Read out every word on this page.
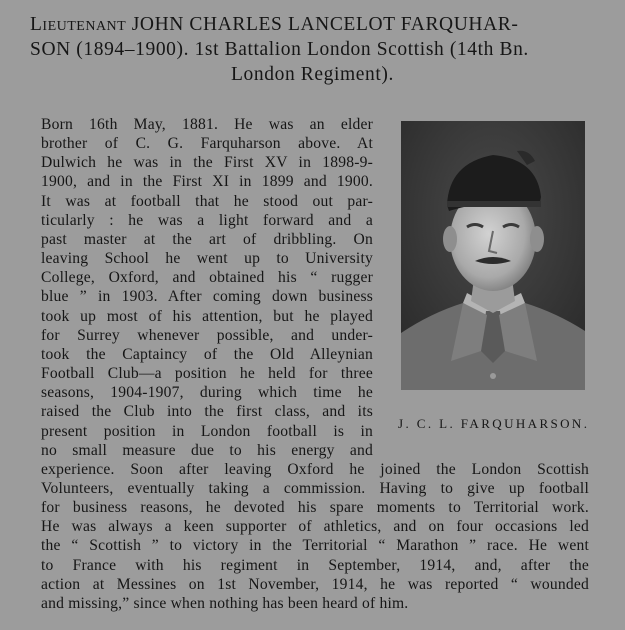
Lieutenant JOHN CHARLES LANCELOT FARQUHAR-
SON (1894–1900). 1st Battalion London Scottish (14th Bn.
London Regiment).
Born 16th May, 1881. He was an elder
brother of C. G. Farquharson above. At
Dulwich he was in the First XV in 1898-9-
1900, and in the First XI in 1899 and 1900.
It was at football that he stood out par-
ticularly : he was a light forward and a
past master at the art of dribbling. On
leaving School he went up to University
College, Oxford, and obtained his “ rugger
blue ” in 1903. After coming down business
took up most of his attention, but he played
for Surrey whenever possible, and under-
took the Captaincy of the Old Alleynian
Football Club—a position he held for three
seasons, 1904-1907, during which time he
raised the Club into the first class, and its
present position in London football is in
no small measure due to his energy and
experience. Soon after leaving Oxford he joined the London Scottish
Volunteers, eventually taking a commission. Having to give up football
for business reasons, he devoted his spare moments to Territorial work.
He was always a keen supporter of athletics, and on four occasions led
the “ Scottish ” to victory in the Territorial “ Marathon ” race. He went
to France with his regiment in September, 1914, and, after the
action at Messines on 1st November, 1914, he was reported “ wounded
and missing,” since when nothing has been heard of him.
J. C. L. FARQUHARSON.
